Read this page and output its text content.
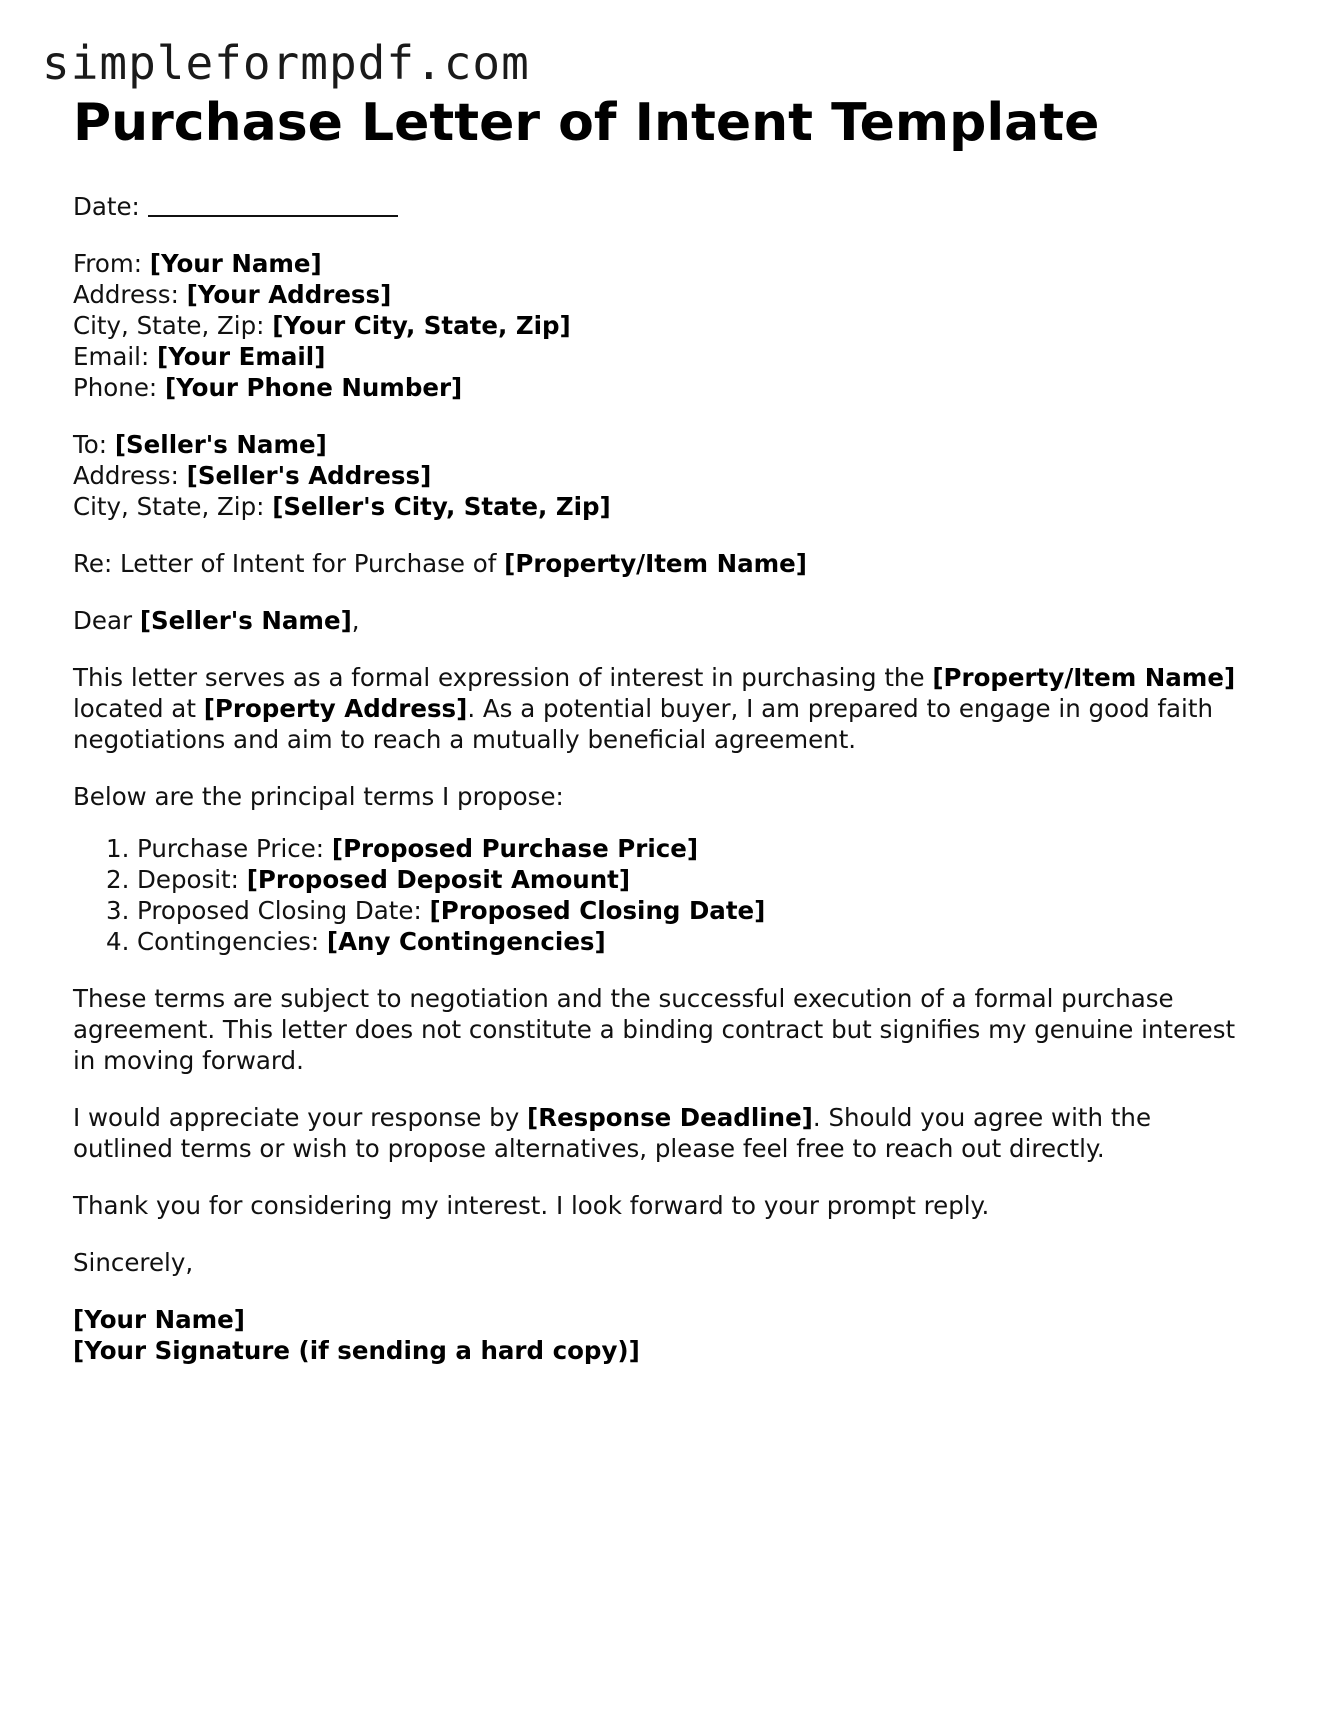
simpleformpdf.com
Purchase Letter of Intent Template

Date:

From: [Your Name]
Address: [Your Address]
City, State, Zip: [Your City, State, Zip]
Email: [Your Email]
Phone: [Your Phone Number]

To: [Seller's Name]
Address: [Seller's Address]
City, State, Zip: [Seller's City, State, Zip]

Re: Letter of Intent for Purchase of [Property/Item Name]

Dear [Seller's Name],

This letter serves as a formal expression of interest in purchasing the [Property/Item Name] located at [Property Address]. As a potential buyer, I am prepared to engage in good faith negotiations and aim to reach a mutually beneficial agreement.

Below are the principal terms I propose:

1. Purchase Price: [Proposed Purchase Price]
2. Deposit: [Proposed Deposit Amount]
3. Proposed Closing Date: [Proposed Closing Date]
4. Contingencies: [Any Contingencies]

These terms are subject to negotiation and the successful execution of a formal purchase agreement. This letter does not constitute a binding contract but signifies my genuine interest in moving forward.

I would appreciate your response by [Response Deadline]. Should you agree with the outlined terms or wish to propose alternatives, please feel free to reach out directly.

Thank you for considering my interest. I look forward to your prompt reply.

Sincerely,

[Your Name]
[Your Signature (if sending a hard copy)]
